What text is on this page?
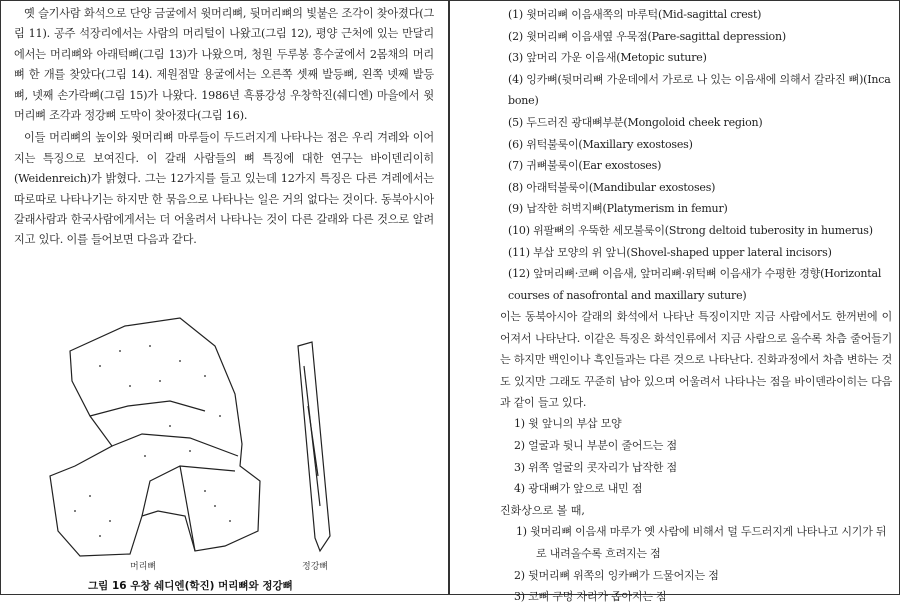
옛 슬기사람 화석으로 단양 금굴에서 윗머리뼈, 뒷머리뼈의 빛붙은 조각이 찾아졌다(그림 11). 공주 석장리에서는 사람의 머리털이 나왔고(그림 12), 평양 근처에 있는 만달리에서는 머리뼈와 아래턱뼈(그림 13)가 나왔으며, 청원 두루봉 흥수굴에서 2몸채의 머리뼈 한 개를 찾았다(그림 14). 제원점말 용굴에서는 오른쪽 셋째 발등뼈, 왼쪽 넷째 발등뼈, 넷째 손가락뼈(그림 15)가 나왔다. 1986년 흑룡강성 우창학진(쉐디엔) 마을에서 윗머리뼈 조각과 정강뼈 도막이 찾아졌다(그림 16).

이들 머리뼈의 높이와 윗머리뼈 마루들이 두드러지게 나타나는 점은 우리 겨레와 이어지는 특징으로 보여진다. 이 갈래 사람들의 뼈 특징에 대한 연구는 바이덴리이히(Weidenreich)가 밝혔다. 그는 12가지를 들고 있는데 12가지 특징은 다른 겨레에서는 따로따로 나타나기는 하지만 한 묶음으로 나타나는 일은 거의 없다는 것이다. 동북아시아 갈래사람과 한국사람에게서는 더 어울려서 나타나는 것이 다른 갈래와 다른 것으로 알려지고 있다. 이를 들어보면 다음과 같다.

머리뼈	정강뼈
그림 16 우창 쉐디엔(학진) 머리뼈와 정강뼈
(1) 윗머리뼈 이음새쪽의 마루턱(Mid-sagittal crest)
(2) 윗머리뼈 이음새옆 우묵점(Pare-sagittal depression)
(3) 앞머리 가운 이음새(Metopic suture)
(4) 잉카뼈(뒷머리뼈 가운데에서 가로로 나 있는 이음새에 의해서 갈라진 뼈)(Inca bone)
(5) 두드러진 광대뼈부분(Mongoloid cheek region)
(6) 위턱불룩이(Maxillary exostoses)
(7) 귀뼈불룩이(Ear exostoses)
(8) 아래턱불룩이(Mandibular exostoses)
(9) 납작한 허벅지뼈(Platymerism in femur)
(10) 위팔뼈의 우뚝한 세모불룩이(Strong deltoid tuberosity in humerus)
(11) 부삽 모양의 위 앞니(Shovel-shaped upper lateral incisors)
(12) 앞머리뼈·코뼈 이음새, 앞머리뼈·위턱뼈 이음새가 수평한 경향(Horizontal courses of nasofrontal and maxillary suture)

이는 동북아시아 갈래의 화석에서 나타난 특징이지만 지금 사람에서도 한꺼번에 이어져서 나타난다. 이같은 특징은 화석인류에서 지금 사람으로 올수록 차츰 줄어들기는 하지만 백인이나 흑인들과는 다른 것으로 나타난다. 진화과정에서 차츰 변하는 것도 있지만 그래도 꾸준히 남아 있으며 어울려서 나타나는 점을 바이덴라이히는 다음과 같이 들고 있다.

1) 윗 앞니의 부삽 모양
2) 얼굴과 뒷니 부분이 줄어드는 점
3) 위쪽 얼굴의 콧자리가 납작한 점
4) 광대뼈가 앞으로 내민 점
진화상으로 볼 때,
1) 윗머리뼈 이음새 마루가 옛 사람에 비해서 덜 두드러지게 나타나고 시기가 뒤로 내려올수록 흐려지는 점
2) 뒷머리뼈 위쪽의 잉카뼈가 드물어지는 점
3) 코뼈 구멍 자리가 좁아지는 점
